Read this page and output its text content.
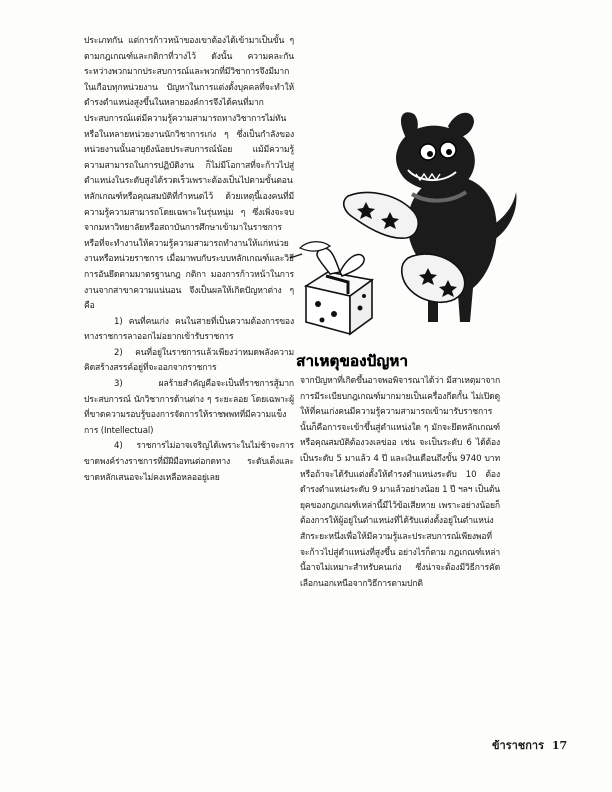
ประเภทกัน แต่การก้าวหน้าของเขาต้องได้เข้ามาเป็นขั้น ๆ ตามกฎเกณฑ์และกติกาที่วางไว้ ดังนั้น ความคละกัน ระหว่างพวกมากประสบการณ์และพวกที่มีวิชาการจึงมีมากในเกือบทุกหน่วยงาน ปัญหาในการแต่งตั้งบุคคลที่จะทำให้ดำรงตำแหน่งสูงขึ้นในหลายองค์การจึงได้คนที่มากประสบการณ์แต่มีความรู้ความสามารถทางวิชาการไม่ทันหรือในหลายหน่วยงานนักวิชาการเก่ง ๆ ซึ่งเป็นกำลังของหน่วยงานนั้นอายุยังน้อยประสบการณ์น้อย แม้มีความรู้ความสามารถในการปฏิบัติงาน ก็ไม่มีโอกาสที่จะก้าวไปสู่ตำแหน่งในระดับสูงได้รวดเร็วเพราะต้องเป็นไปตามขั้นตอนหลักเกณฑ์หรือคุณสมบัติที่กำหนดไว้ ด้วยเหตุนี้เองคนที่มีความรู้ความสามารถโดยเฉพาะในรุ่นหนุ่ม ๆ ซึ่งเพิ่งจะจบจากมหาวิทยาลัยหรือสถาบันการศึกษาเข้ามาในราชการหรือที่จะทำงานให้ความรู้ความสามารถทำงานให้แก่หน่วยงานหรือหน่วยราชการ เมื่อมาพบกับระบบหลักเกณฑ์และวิธีการอันยึดตามมาตรฐานกฎ กติกา มองการก้าวหน้าในการงานจากสาขาความแน่นอน จึงเป็นผลให้เกิดปัญหาต่าง ๆ คือ

1) คนที่คนเก่ง คนในสายที่เป็นความต้องการของทางราชการลาออกไม่อยากเข้ารับราชการ

2) คนที่อยู่ในราชการแล้วเพียงว่าหมดพลังความคิดสร้างสรรค์อยู่ที่จะออกจากราชการ

3) ผลร้ายสำคัญคือจะเป็นที่ราชการสู้มากประสบการณ์ นักวิชาการด้านต่าง ๆ ระยะลอย โดยเฉพาะผู้ที่ขาดความรอบรู้ของการจัดการให้ราชพพทที่มีความแข็งการ (Intellectual)

4) ราชการไม่อาจเจริญได้เพราะในไม่ช้าจะการขาดพงค์ร่างราชการที่มีฝีมือทนต่อกดทาง ระดับเต็งและขาดหลักเสนอจะไม่คงเหลือหลออยู่เลย

สาเหตุของปัญหา

จากปัญหาที่เกิดขึ้นอาจพอพิจารณาได้ว่า มีสาเหตุมาจากการมีระเบียบกฎเกณฑ์มากมายเป็นเครื่องกีดกั้น ไม่เปิดดูให้ที่คนเก่งคนมีความรู้ความสามารถเข้ามารับราชการ นั้นก็คือการจะเข้าขึ้นสู่ตำแหน่งใด ๆ มักจะยึดหลักเกณฑ์หรือคุณสมบัติต้องวงเลข่ออ เช่น จะเป็นระดับ 6 ได้ต้องเป็นระดับ 5 มาแล้ว 4 ปี และเงินเดือนถึงขั้น 9740 บาท หรือถ้าจะได้รับแต่งตั้งให้ดำรงตำแหน่งระดับ 10 ต้องดำรงตำแหน่งระดับ 9 มาแล้วอย่างน้อย 1 ปี ฯลฯ เป็นต้น ยุคของกฎเกณฑ์เหล่านี้มีไว้ข้อเสียหาย เพราะอย่างน้อยก็ต้องการให้ผู้อยู่ในตำแหน่งที่ได้รับแต่งตั้งอยู่ในตำแหน่งสักระยะหนึ่งเพื่อให้มีความรู้และประสบการณ์เพียงพอที่จะก้าวไปสู่ตำแหน่งที่สูงขึ้น อย่างไรก็ตาม กฎเกณฑ์เหล่านี้อาจไม่เหมาะสำหรับคนเก่ง ซึ่งน่าจะต้องมีวิธีการคัดเลือกนอกเหนือจากวิธีการตามปกติ

ข้าราชการ 17
